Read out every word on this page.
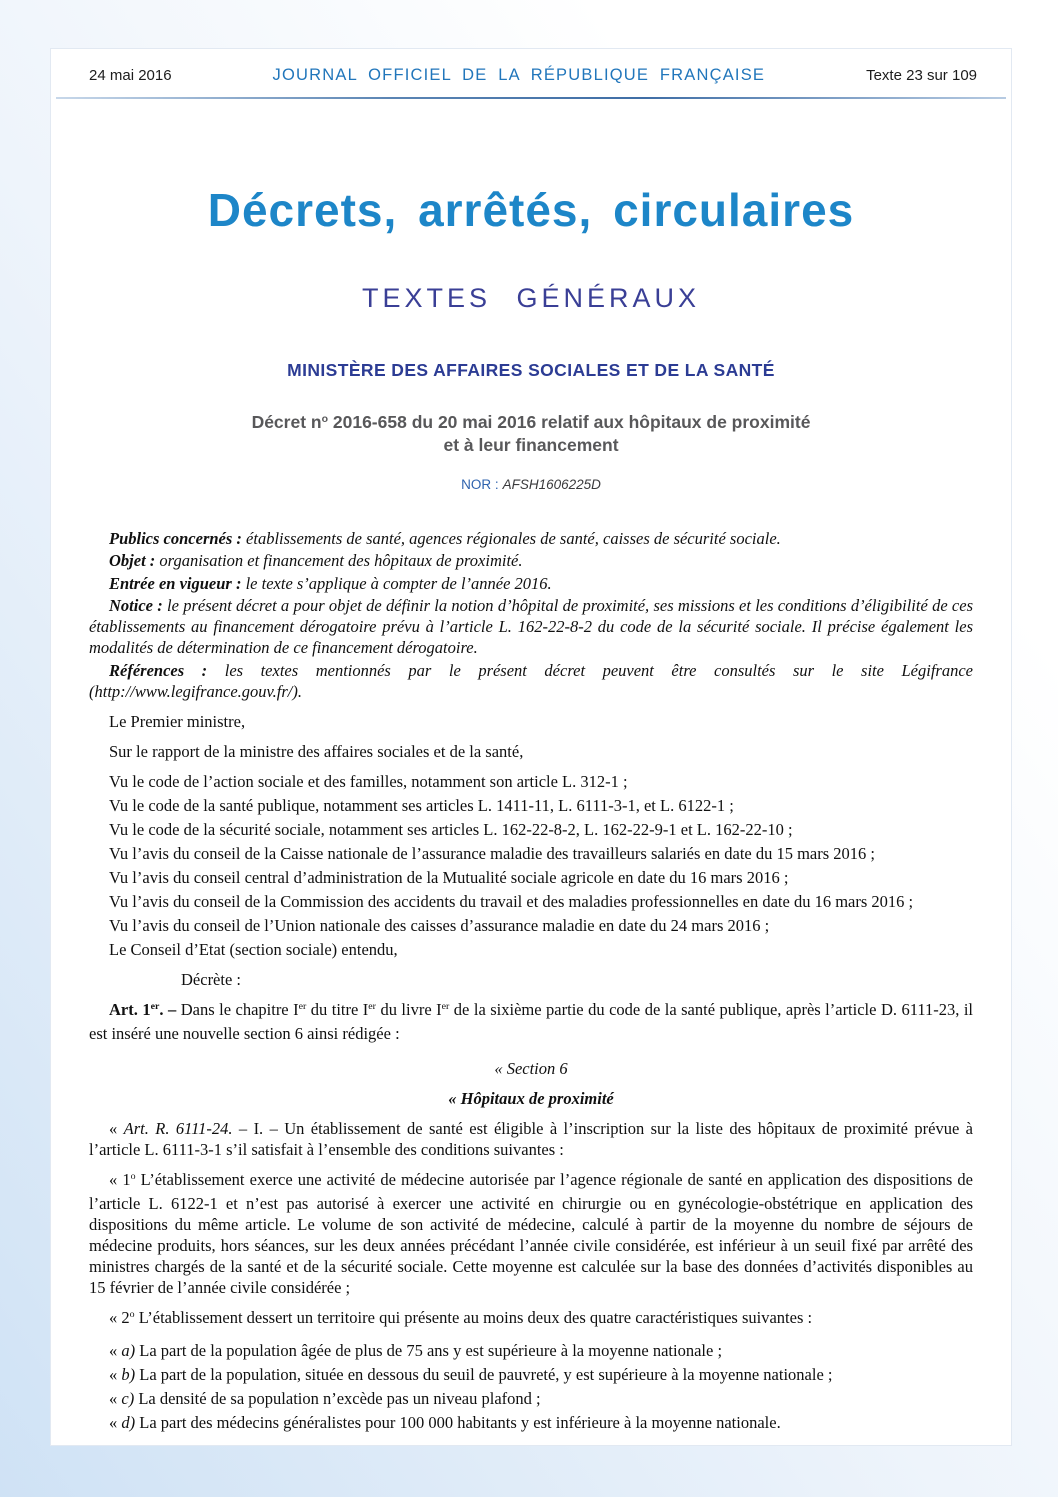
24 mai 2016	JOURNAL OFFICIEL DE LA RÉPUBLIQUE FRANÇAISE	Texte 23 sur 109
Décrets, arrêtés, circulaires
TEXTES GÉNÉRAUX
MINISTÈRE DES AFFAIRES SOCIALES ET DE LA SANTÉ
Décret $n^o$ 2016-658 du 20 mai 2016 relatif aux hôpitaux de proximité
et à leur financement
NOR : AFSH1606225D

Publics concernés : établissements de santé, agences régionales de santé, caisses de sécurité sociale.

Objet : organisation et financement des hôpitaux de proximité.

Entrée en vigueur : le texte s’applique à compter de l’année 2016.

Notice : le présent décret a pour objet de définir la notion d’hôpital de proximité, ses missions et les conditions d’éligibilité de ces établissements au financement dérogatoire prévu à l’article L. 162-22-8-2 du code de la sécurité sociale. Il précise également les modalités de détermination de ce financement dérogatoire.

Références : les textes mentionnés par le présent décret peuvent être consultés sur le site Légifrance (http://www.legifrance.gouv.fr/).

Le Premier ministre,

Sur le rapport de la ministre des affaires sociales et de la santé,

Vu le code de l’action sociale et des familles, notamment son article L. 312-1 ;

Vu le code de la santé publique, notamment ses articles L. 1411-11, L. 6111-3-1, et L. 6122-1 ;

Vu le code de la sécurité sociale, notamment ses articles L. 162-22-8-2, L. 162-22-9-1 et L. 162-22-10 ;

Vu l’avis du conseil de la Caisse nationale de l’assurance maladie des travailleurs salariés en date du 15 mars 2016 ;

Vu l’avis du conseil central d’administration de la Mutualité sociale agricole en date du 16 mars 2016 ;

Vu l’avis du conseil de la Commission des accidents du travail et des maladies professionnelles en date du 16 mars 2016 ;

Vu l’avis du conseil de l’Union nationale des caisses d’assurance maladie en date du 24 mars 2016 ;

Le Conseil d’Etat (section sociale) entendu,

Décrète :

Art. 1er. – Dans le chapitre Ier du titre Ier du livre Ier de la sixième partie du code de la santé publique, après l’article D. 6111-23, il est inséré une nouvelle section 6 ainsi rédigée :

« Section 6

« Hôpitaux de proximité

« Art. R. 6111-24. – I. – Un établissement de santé est éligible à l’inscription sur la liste des hôpitaux de proximité prévue à l’article L. 6111-3-1 s’il satisfait à l’ensemble des conditions suivantes :

« 1$^o$ L’établissement exerce une activité de médecine autorisée par l’agence régionale de santé en application des dispositions de l’article L. 6122-1 et n’est pas autorisé à exercer une activité en chirurgie ou en gynécologie-obstétrique en application des dispositions du même article. Le volume de son activité de médecine, calculé à partir de la moyenne du nombre de séjours de médecine produits, hors séances, sur les deux années précédant l’année civile considérée, est inférieur à un seuil fixé par arrêté des ministres chargés de la santé et de la sécurité sociale. Cette moyenne est calculée sur la base des données d’activités disponibles au 15 février de l’année civile considérée ;

« 2$^o$ L’établissement dessert un territoire qui présente au moins deux des quatre caractéristiques suivantes :

« a) La part de la population âgée de plus de 75 ans y est supérieure à la moyenne nationale ;

« b) La part de la population, située en dessous du seuil de pauvreté, y est supérieure à la moyenne nationale ;

« c) La densité de sa population n’excède pas un niveau plafond ;

« d) La part des médecins généralistes pour 100 000 habitants y est inférieure à la moyenne nationale.
